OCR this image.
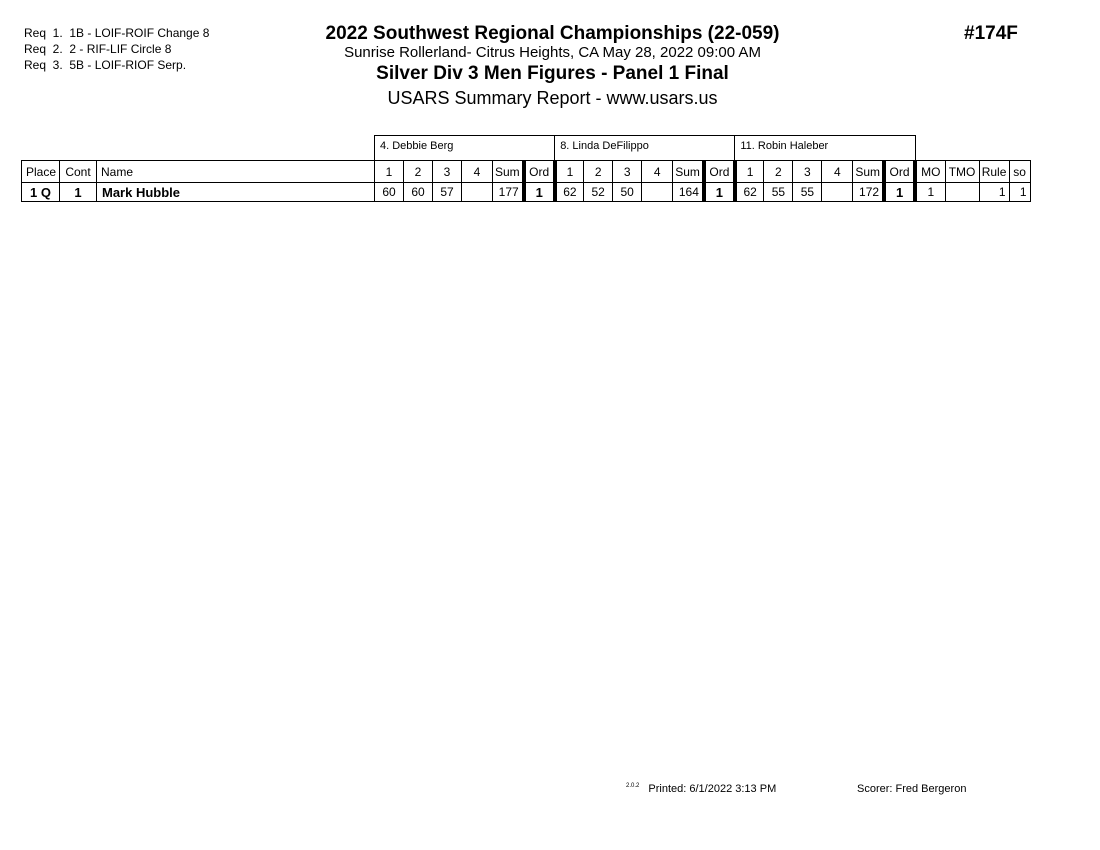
Req  1.  1B - LOIF-ROIF Change 8
Req  2.  2 - RIF-LIF Circle 8
Req  3.  5B - LOIF-RIOF Serp.
2022 Southwest Regional Championships (22-059)
Sunrise Rollerland- Citrus Heights, CA May 28, 2022 09:00 AM
Silver Div 3 Men Figures - Panel 1 Final
USARS Summary Report - www.usars.us
#174F
			4. Debbie Berg						8. Linda DeFilippo						11. Robin Haleber									
Place	Cont	Name	1	2	3	4	Sum	Ord	1	2	3	4	Sum	Ord	1	2	3	4	Sum	Ord	MO	TMO	Rule	so
1 Q	1	Mark Hubble	60	60	57		177	1	62	52	50		164	1	62	55	55		172	1	1		1	1
$^{2.0.2}$ Printed: 6/1/2022 3:13 PM	Scorer: Fred Bergeron
